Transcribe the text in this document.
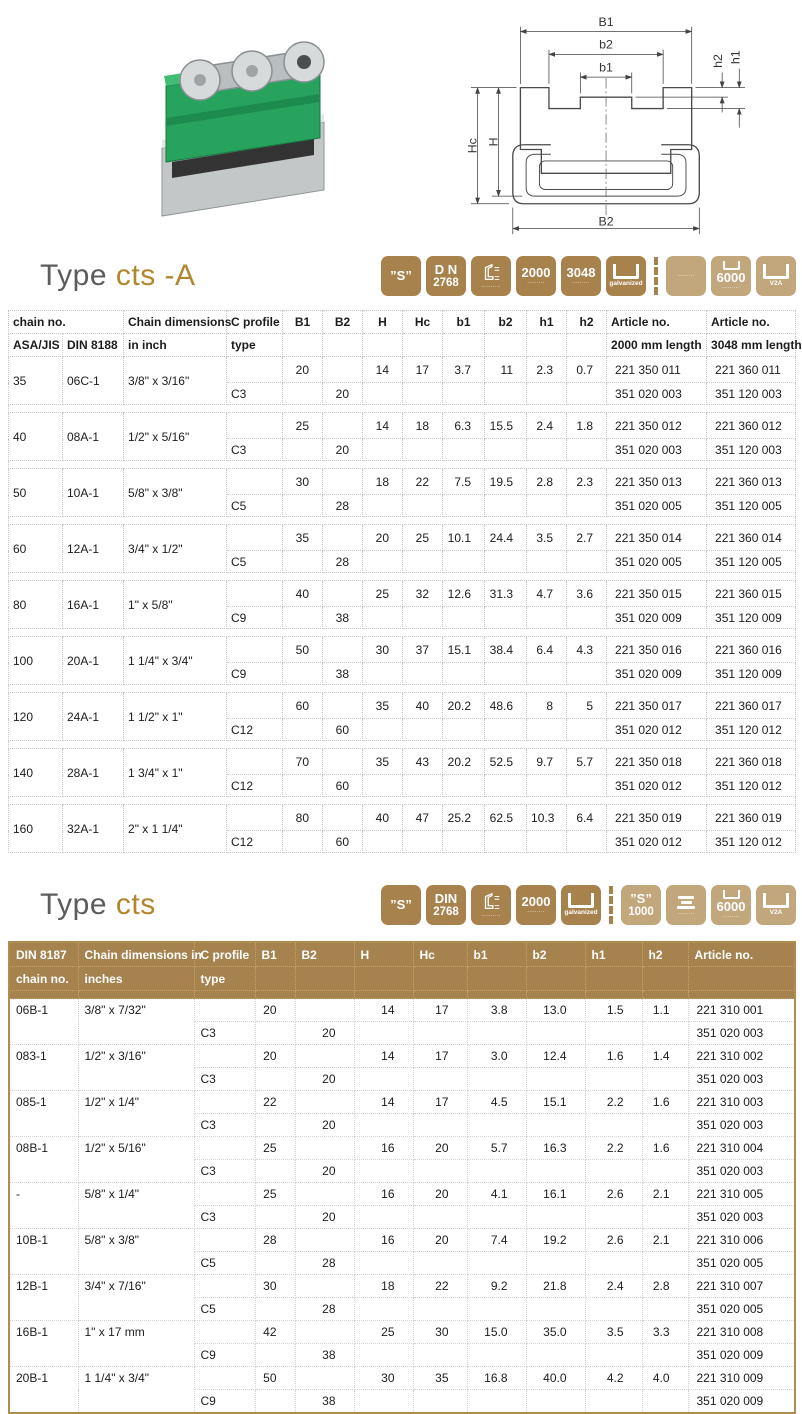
B1
b2
b1
B2
Hc H
h2 h1
Type cts -A	”S” D N
2768	··········
2000
·········
3048
·········	galvanized
········· 6000
·········
V2A
chain no.		Chain dimensions	C profile	B1	B2	H	Hc	b1	b2	h1	h2	Article no.	Article no.
ASA/JIS	DIN 8188	in inch	type									2000 mm length	3048 mm length
35	06C-1	3/8" x 3/16"		20		14	17	3.7	11	2.3	0.7	221 350 011	221 360 011
			C3		20							351 020 003	351 120 003

40	08A-1	1/2" x 5/16"		25		14	18	6.3	15.5	2.4	1.8	221 350 012	221 360 012
			C3		20							351 020 003	351 120 003

50	10A-1	5/8" x 3/8"		30		18	22	7.5	19.5	2.8	2.3	221 350 013	221 360 013
			C5		28							351 020 005	351 120 005

60	12A-1	3/4" x 1/2"		35		20	25	10.1	24.4	3.5	2.7	221 350 014	221 360 014
			C5		28							351 020 005	351 120 005

80	16A-1	1" x 5/8"		40		25	32	12.6	31.3	4.7	3.6	221 350 015	221 360 015
			C9		38							351 020 009	351 120 009

100	20A-1	1 1/4" x 3/4"		50		30	37	15.1	38.4	6.4	4.3	221 350 016	221 360 016
			C9		38							351 020 009	351 120 009

120	24A-1	1 1/2" x 1"		60		35	40	20.2	48.6	8	5	221 350 017	221 360 017
			C12		60							351 020 012	351 120 012

140	28A-1	1 3/4" x 1"		70		35	43	20.2	52.5	9.7	5.7	221 350 018	221 360 018
			C12		60							351 020 012	351 120 012

160	32A-1	2" x 1 1/4"		80		40	47	25.2	62.5	10.3	6.4	221 350 019	221 360 019
			C12		60							351 020 012	351 120 012
Type cts	”S” DIN
2768	··········
2000
·········	galvanized
”S”
1000	········· 6000
·········
V2A
DIN 8187	Chain dimensions in	C profile	B1	B2	H	Hc	b1	b2	h1	h2	Article no.
chain no.	inches	type									

06B-1	3/8" x 7/32"		20		14	17	3.8	13.0	1.5	1.1	221 310 001
		C3		20							351 020 003
083-1	1/2" x 3/16"		20		14	17	3.0	12.4	1.6	1.4	221 310 002
		C3		20							351 020 003
085-1	1/2" x 1/4"		22		14	17	4.5	15.1	2.2	1.6	221 310 003
		C3		20							351 020 003
08B-1	1/2" x 5/16"		25		16	20	5.7	16.3	2.2	1.6	221 310 004
		C3		20							351 020 003
-	5/8" x 1/4"		25		16	20	4.1	16.1	2.6	2.1	221 310 005
		C3		20							351 020 003
10B-1	5/8" x 3/8"		28		16	20	7.4	19.2	2.6	2.1	221 310 006
		C5		28							351 020 005
12B-1	3/4" x 7/16"		30		18	22	9.2	21.8	2.4	2.8	221 310 007
		C5		28							351 020 005
16B-1	1" x 17 mm		42		25	30	15.0	35.0	3.5	3.3	221 310 008
		C9		38							351 020 009
20B-1	1 1/4" x 3/4"		50		30	35	16.8	40.0	4.2	4.0	221 310 009
		C9		38							351 020 009
